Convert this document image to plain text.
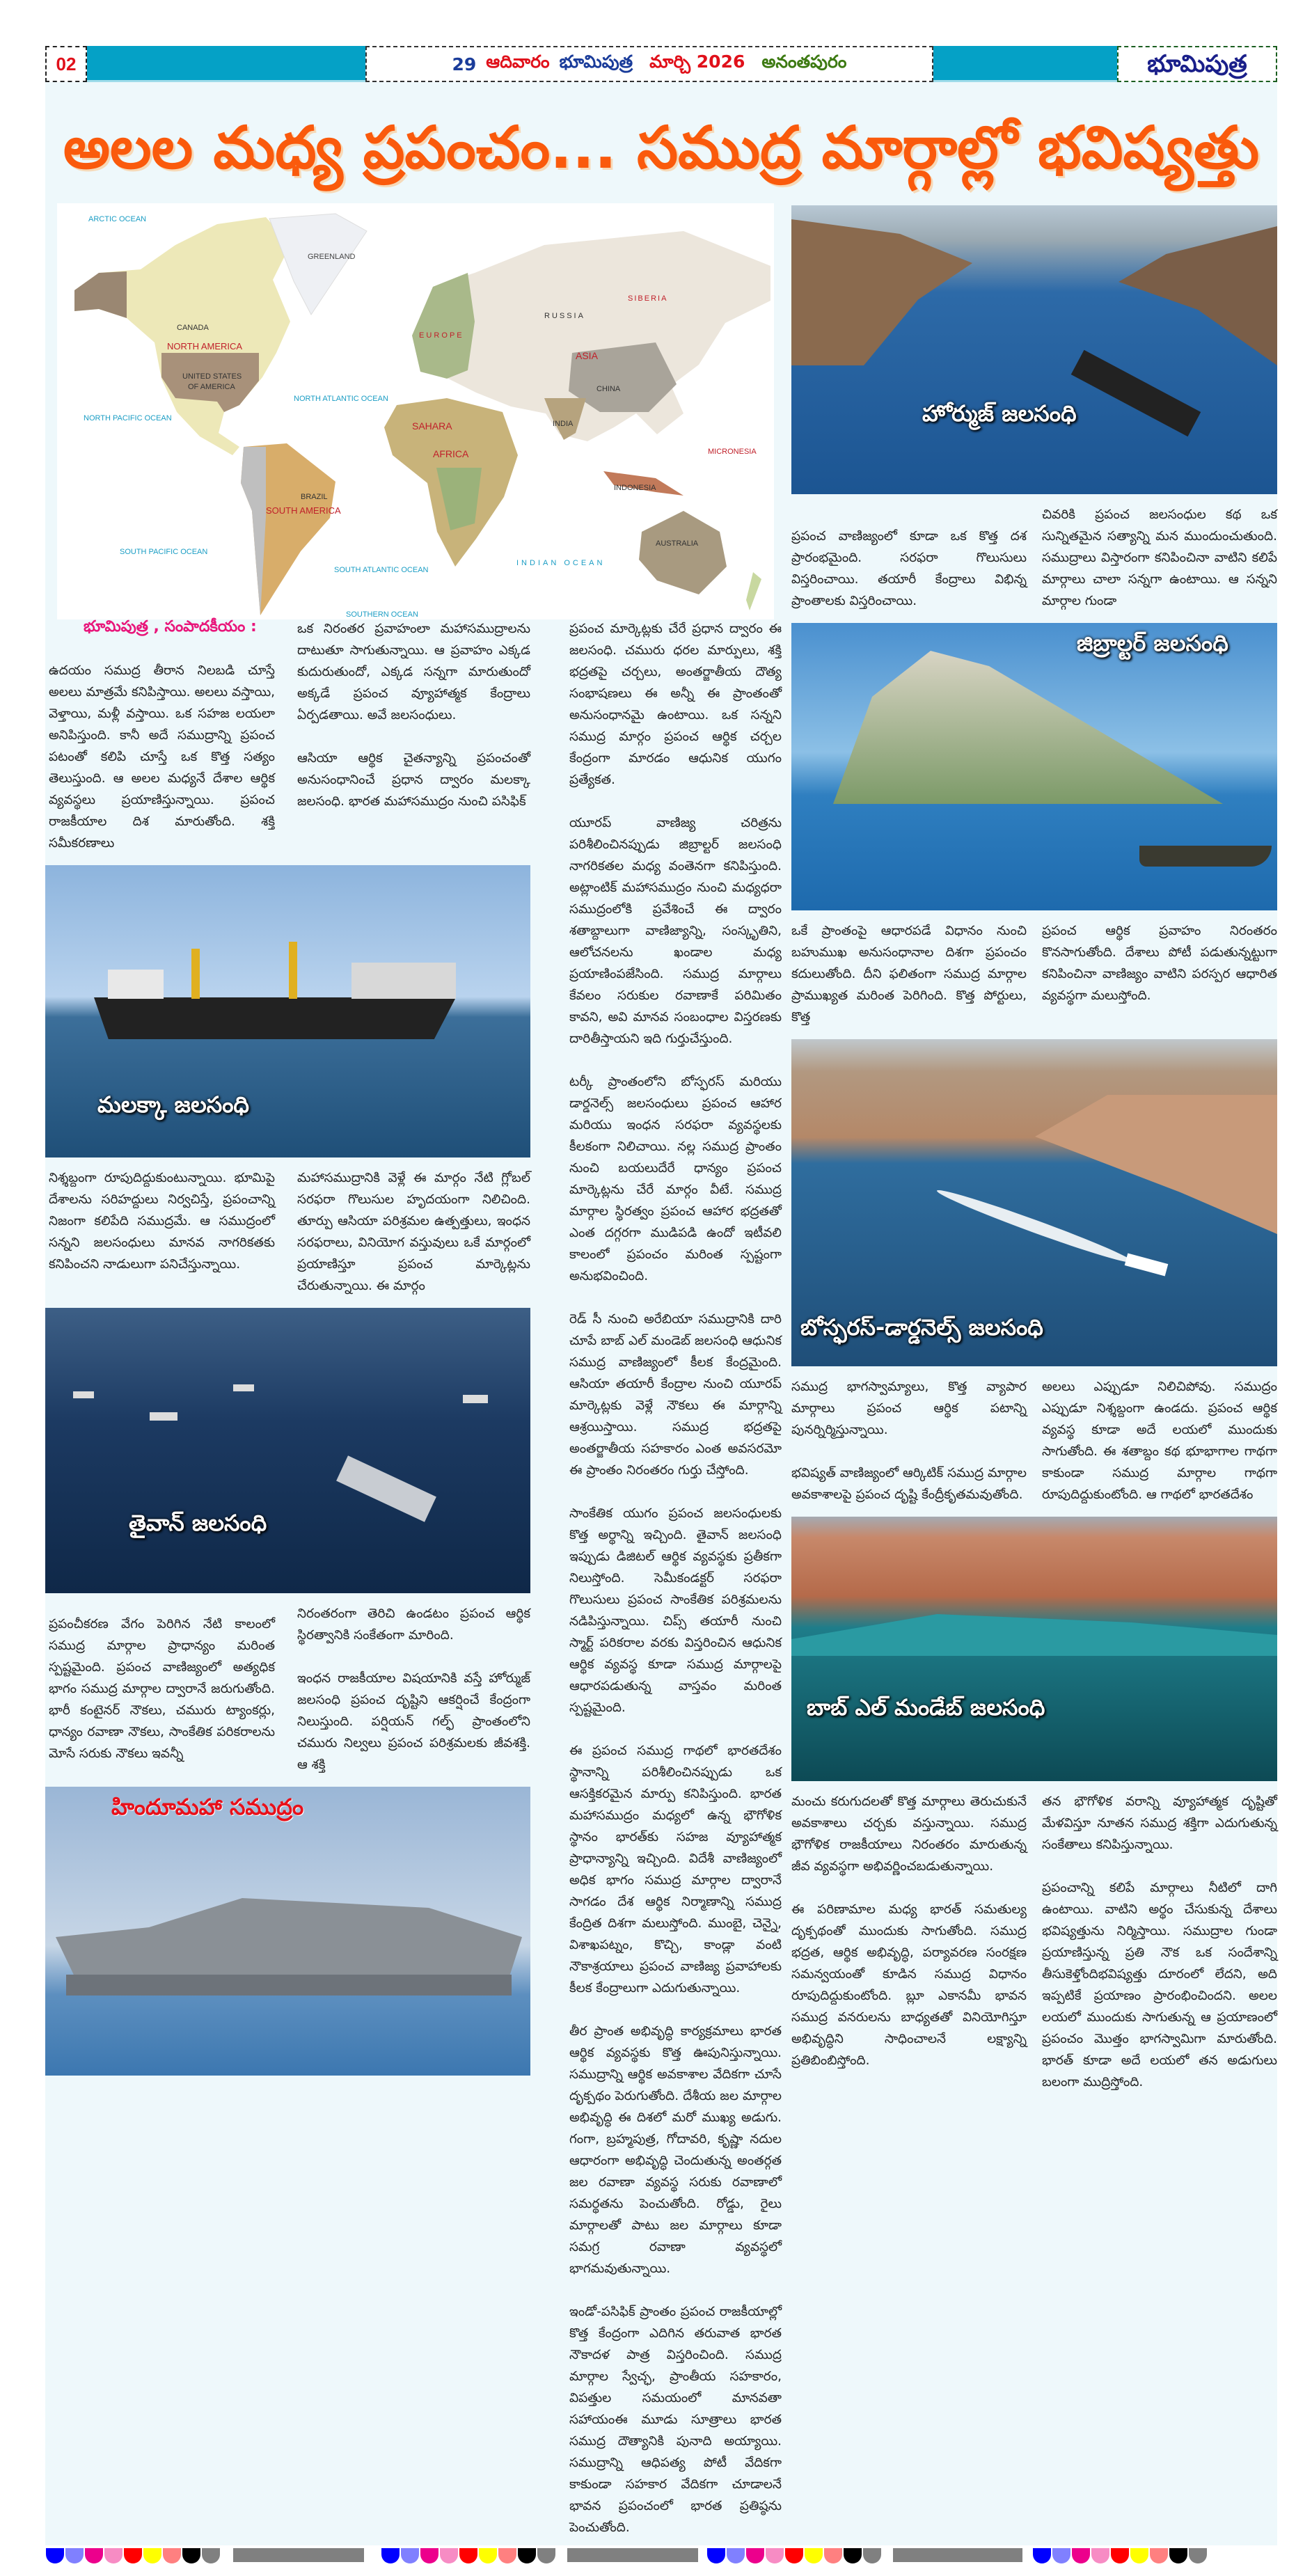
02	29 ఆదివారం భూమిపుత్ర మార్చి 2026 అనంతపురం	భూమిపుత్ర
అలల మధ్య ప్రపంచం... సముద్ర మార్గాల్లో భవిష్యత్తు
ARCTIC OCEAN
GREENLAND
CANADA
NORTH AMERICA
UNITED STATES
OF AMERICA
NORTH PACIFIC OCEAN
NORTH ATLANTIC OCEAN
SOUTH AMERICA
BRAZIL
SOUTH PACIFIC OCEAN
SOUTH ATLANTIC OCEAN
E U R O P E
RUSSIA
SIBERIA
ASIA
CHINA
INDIA
SAHARA
AFRICA
INDIAN OCEAN
AUSTRALIA
INDONESIA
MICRONESIA
SOUTHERN OCEAN
భూమిపుత్ర , సంపాదకీయం :

ఉదయం సముద్ర తీరాన నిలబడి చూస్తే అలలు మాత్రమే కనిపిస్తాయి. అలలు వస్తాయి, వెళ్తాయి, మళ్లీ వస్తాయి. ఒక సహజ లయలా అనిపిస్తుంది. కానీ అదే సముద్రాన్ని ప్రపంచ పటంతో కలిపి చూస్తే ఒక కొత్త సత్యం తెలుస్తుంది. ఆ అలల మధ్యనే దేశాల ఆర్థిక వ్యవస్థలు ప్రయాణిస్తున్నాయి. ప్రపంచ రాజకీయాల దిశ మారుతోంది. శక్తి సమీకరణాలు

ఒక నిరంతర ప్రవాహంలా మహాసముద్రాలను దాటుతూ సాగుతున్నాయి. ఆ ప్రవాహం ఎక్కడ కుదురుతుందో, ఎక్కడ సన్నగా మారుతుందో అక్కడే ప్రపంచ వ్యూహాత్మక కేంద్రాలు ఏర్పడతాయి. అవే జలసంధులు.

ఆసియా ఆర్థిక చైతన్యాన్ని ప్రపంచంతో అనుసంధానించే ప్రధాన ద్వారం మలక్కా జలసంధి. భారత మహాసముద్రం నుంచి పసిఫిక్

మలక్కా జలసంధి

నిశ్శబ్దంగా రూపుదిద్దుకుంటున్నాయి. భూమిపై దేశాలను సరిహద్దులు నిర్వచిస్తే, ప్రపంచాన్ని నిజంగా కలిపేది సముద్రమే. ఆ సముద్రంలో సన్నని జలసంధులు మానవ నాగరికతకు కనిపించని నాడులుగా పనిచేస్తున్నాయి.

మహాసముద్రానికి వెళ్లే ఈ మార్గం నేటి గ్లోబల్ సరఫరా గొలుసుల హృదయంగా నిలిచింది. తూర్పు ఆసియా పరిశ్రమల ఉత్పత్తులు, ఇంధన సరఫరాలు, వినియోగ వస్తువులు ఒకే మార్గంలో ప్రయాణిస్తూ ప్రపంచ మార్కెట్లను చేరుతున్నాయి. ఈ మార్గం

తైవాన్ జలసంధి

ప్రపంచీకరణ వేగం పెరిగిన నేటి కాలంలో సముద్ర మార్గాల ప్రాధాన్యం మరింత స్పష్టమైంది. ప్రపంచ వాణిజ్యంలో అత్యధిక భాగం సముద్ర మార్గాల ద్వారానే జరుగుతోంది. భారీ కంటైనర్ నౌకలు, చమురు ట్యాంకర్లు, ధాన్యం రవాణా నౌకలు, సాంకేతిక పరికరాలను మోసే సరుకు నౌకలు ఇవన్నీ

నిరంతరంగా తెరిచి ఉండటం ప్రపంచ ఆర్థిక స్థిరత్వానికి సంకేతంగా మారింది.

ఇంధన రాజకీయాల విషయానికి వస్తే హోర్ముజ్ జలసంధి ప్రపంచ దృష్టిని ఆకర్షించే కేంద్రంగా నిలుస్తుంది. పర్షియన్ గల్ఫ్ ప్రాంతంలోని చమురు నిల్వలు ప్రపంచ పరిశ్రమలకు జీవశక్తి. ఆ శక్తి

హిందూమహా సముద్రం

ప్రపంచ మార్కెట్లకు చేరే ప్రధాన ద్వారం ఈ జలసంధి. చమురు ధరల మార్పులు, శక్తి భద్రతపై చర్చలు, అంతర్జాతీయ దౌత్య సంభాషణలు ఈ అన్నీ ఈ ప్రాంతంతో అనుసంధానమై ఉంటాయి. ఒక సన్నని సముద్ర మార్గం ప్రపంచ ఆర్థిక చర్చల కేంద్రంగా మారడం ఆధునిక యుగం ప్రత్యేకత.

యూరప్ వాణిజ్య చరిత్రను పరిశీలించినప్పుడు జిబ్రాల్టర్ జలసంధి నాగరికతల మధ్య వంతెనగా కనిపిస్తుంది. అట్లాంటిక్ మహాసముద్రం నుంచి మధ్యధరా సముద్రంలోకి ప్రవేశించే ఈ ద్వారం శతాబ్దాలుగా వాణిజ్యాన్ని, సంస్కృతిని, ఆలోచనలను ఖండాల మధ్య ప్రయాణింపజేసింది. సముద్ర మార్గాలు కేవలం సరుకుల రవాణాకే పరిమితం కావని, అవి మానవ సంబంధాల విస్తరణకు దారితీస్తాయని ఇది గుర్తుచేస్తుంది.

టర్కీ ప్రాంతంలోని బోస్ఫరస్ మరియు డార్డనెల్స్ జలసంధులు ప్రపంచ ఆహార మరియు ఇంధన సరఫరా వ్యవస్థలకు కీలకంగా నిలిచాయి. నల్ల సముద్ర ప్రాంతం నుంచి బయలుదేరే ధాన్యం ప్రపంచ మార్కెట్లను చేరే మార్గం వీటే. సముద్ర మార్గాల స్థిరత్వం ప్రపంచ ఆహార భద్రతతో ఎంత దగ్గరగా ముడిపడి ఉందో ఇటీవలి కాలంలో ప్రపంచం మరింత స్పష్టంగా అనుభవించింది.

రెడ్ సీ నుంచి అరేబియా సముద్రానికి దారి చూపే బాబ్ ఎల్ మండెబ్ జలసంధి ఆధునిక సముద్ర వాణిజ్యంలో కీలక కేంద్రమైంది. ఆసియా తయారీ కేంద్రాల నుంచి యూరప్ మార్కెట్లకు వెళ్లే నౌకలు ఈ మార్గాన్ని ఆశ్రయిస్తాయి. సముద్ర భద్రతపై అంతర్జాతీయ సహకారం ఎంత అవసరమో ఈ ప్రాంతం నిరంతరం గుర్తు చేస్తోంది.

సాంకేతిక యుగం ప్రపంచ జలసంధులకు కొత్త అర్థాన్ని ఇచ్చింది. తైవాన్ జలసంధి ఇప్పుడు డిజిటల్ ఆర్థిక వ్యవస్థకు ప్రతీకగా నిలుస్తోంది. సెమీకండక్టర్ సరఫరా గొలుసులు ప్రపంచ సాంకేతిక పరిశ్రమలను నడిపిస్తున్నాయి. చిప్స్ తయారీ నుంచి స్మార్ట్ పరికరాల వరకు విస్తరించిన ఆధునిక ఆర్థిక వ్యవస్థ కూడా సముద్ర మార్గాలపై ఆధారపడుతున్న వాస్తవం మరింత స్పష్టమైంది.

ఈ ప్రపంచ సముద్ర గాథలో భారతదేశం స్థానాన్ని పరిశీలించినప్పుడు ఒక ఆసక్తికరమైన మార్పు కనిపిస్తుంది. భారత మహాసముద్రం మధ్యలో ఉన్న భౌగోళిక స్థానం భారత్‌కు సహజ వ్యూహాత్మక ప్రాధాన్యాన్ని ఇచ్చింది. విదేశీ వాణిజ్యంలో అధిక భాగం సముద్ర మార్గాల ద్వారానే సాగడం దేశ ఆర్థిక నిర్మాణాన్ని సముద్ర కేంద్రిత దిశగా మలుస్తోంది. ముంబై, చెన్నై, విశాఖపట్నం, కొచ్చి, కాండ్లా వంటి నౌకాశ్రయాలు ప్రపంచ వాణిజ్య ప్రవాహాలకు కీలక కేంద్రాలుగా ఎదుగుతున్నాయి.

తీర ప్రాంత అభివృద్ధి కార్యక్రమాలు భారత ఆర్థిక వ్యవస్థకు కొత్త ఊపునిస్తున్నాయి. సముద్రాన్ని ఆర్థిక అవకాశాల వేదికగా చూసే దృక్పథం పెరుగుతోంది. దేశీయ జల మార్గాల అభివృద్ధి ఈ దిశలో మరో ముఖ్య అడుగు. గంగా, బ్రహ్మపుత్ర, గోదావరి, కృష్ణా నదుల ఆధారంగా అభివృద్ధి చెందుతున్న అంతర్గత జల రవాణా వ్యవస్థ సరుకు రవాణాలో సమర్థతను పెంచుతోంది. రోడ్డు, రైలు మార్గాలతో పాటు జల మార్గాలు కూడా సమగ్ర రవాణా వ్యవస్థలో భాగమవుతున్నాయి.

ఇండో-పసిఫిక్ ప్రాంతం ప్రపంచ రాజకీయాల్లో కొత్త కేంద్రంగా ఎదిగిన తరువాత భారత నౌకాదళ పాత్ర విస్తరించింది. సముద్ర మార్గాల స్వేచ్ఛ, ప్రాంతీయ సహకారం, విపత్తుల సమయంలో మానవతా సహాయంఈ మూడు సూత్రాలు భారత సముద్ర దౌత్యానికి పునాది అయ్యాయి. సముద్రాన్ని ఆధిపత్య పోటీ వేదికగా కాకుండా సహకార వేదికగా చూడాలనే భావన ప్రపంచంలో భారత ప్రతిష్ఠను పెంచుతోంది.

హోర్ముజ్ జలసంధి

ప్రపంచ వాణిజ్యంలో కూడా ఒక కొత్త దశ ప్రారంభమైంది. సరఫరా గొలుసులు విస్తరించాయి. తయారీ కేంద్రాలు విభిన్న ప్రాంతాలకు విస్తరించాయి.

చివరికి ప్రపంచ జలసంధుల కథ ఒక సున్నితమైన సత్యాన్ని మన ముందుంచుతుంది. సముద్రాలు విస్తారంగా కనిపించినా వాటిని కలిపే మార్గాలు చాలా సన్నగా ఉంటాయి. ఆ సన్నని మార్గాల గుండా

జిబ్రాల్టర్ జలసంధి

ఒకే ప్రాంతంపై ఆధారపడే విధానం నుంచి బహుముఖ అనుసంధానాల దిశగా ప్రపంచం కదులుతోంది. దీని ఫలితంగా సముద్ర మార్గాల ప్రాముఖ్యత మరింత పెరిగింది. కొత్త పోర్టులు, కొత్త

ప్రపంచ ఆర్థిక ప్రవాహం నిరంతరం కొనసాగుతోంది. దేశాలు పోటీ పడుతున్నట్టుగా కనిపించినా వాణిజ్యం వాటిని పరస్పర ఆధారిత వ్యవస్థగా మలుస్తోంది.

బోస్ఫరస్-డార్డనెల్స్ జలసంధి

సముద్ర భాగస్వామ్యాలు, కొత్త వ్యాపార మార్గాలు ప్రపంచ ఆర్థిక పటాన్ని పునర్నిర్మిస్తున్నాయి.

భవిష్యత్ వాణిజ్యంలో ఆర్కిటిక్ సముద్ర మార్గాల అవకాశాలపై ప్రపంచ దృష్టి కేంద్రీకృతమవుతోంది.

అలలు ఎప్పుడూ నిలిచిపోవు. సముద్రం ఎప్పుడూ నిశ్శబ్దంగా ఉండదు. ప్రపంచ ఆర్థిక వ్యవస్థ కూడా అదే లయలో ముందుకు సాగుతోంది. ఈ శతాబ్దం కథ భూభాగాల గాథగా కాకుండా సముద్ర మార్గాల గాథగా రూపుదిద్దుకుంటోంది. ఆ గాథలో భారతదేశం

బాబ్ ఎల్ మండేబ్ జలసంధి

మంచు కరుగుదలతో కొత్త మార్గాలు తెరుచుకునే అవకాశాలు చర్చకు వస్తున్నాయి. సముద్ర భౌగోళిక రాజకీయాలు నిరంతరం మారుతున్న జీవ వ్యవస్థగా అభివర్ణించబడుతున్నాయి.

ఈ పరిణామాల మధ్య భారత్ సమతుల్య దృక్పథంతో ముందుకు సాగుతోంది. సముద్ర భద్రత, ఆర్థిక అభివృద్ధి, పర్యావరణ సంరక్షణ సమన్వయంతో కూడిన సముద్ర విధానం రూపుదిద్దుకుంటోంది. బ్లూ ఎకానమీ భావన సముద్ర వనరులను బాధ్యతతో వినియోగిస్తూ అభివృద్ధిని సాధించాలనే లక్ష్యాన్ని ప్రతిబింబిస్తోంది.

తన భౌగోళిక వరాన్ని వ్యూహాత్మక దృష్టితో మేళవిస్తూ నూతన సముద్ర శక్తిగా ఎదుగుతున్న సంకేతాలు కనిపిస్తున్నాయి.

ప్రపంచాన్ని కలిపే మార్గాలు నీటిలో దాగి ఉంటాయి. వాటిని అర్థం చేసుకున్న దేశాలు భవిష్యత్తును నిర్మిస్తాయి. సముద్రాల గుండా ప్రయాణిస్తున్న ప్రతి నౌక ఒక సందేశాన్ని తీసుకెళ్తోందిభవిష్యత్తు దూరంలో లేదని, అది ఇప్పటికే ప్రయాణం ప్రారంభించిందని. అలల లయలో ముందుకు సాగుతున్న ఆ ప్రయాణంలో ప్రపంచం మొత్తం భాగస్వామిగా మారుతోంది. భారత్ కూడా అదే లయలో తన అడుగులు బలంగా ముద్రిస్తోంది.
